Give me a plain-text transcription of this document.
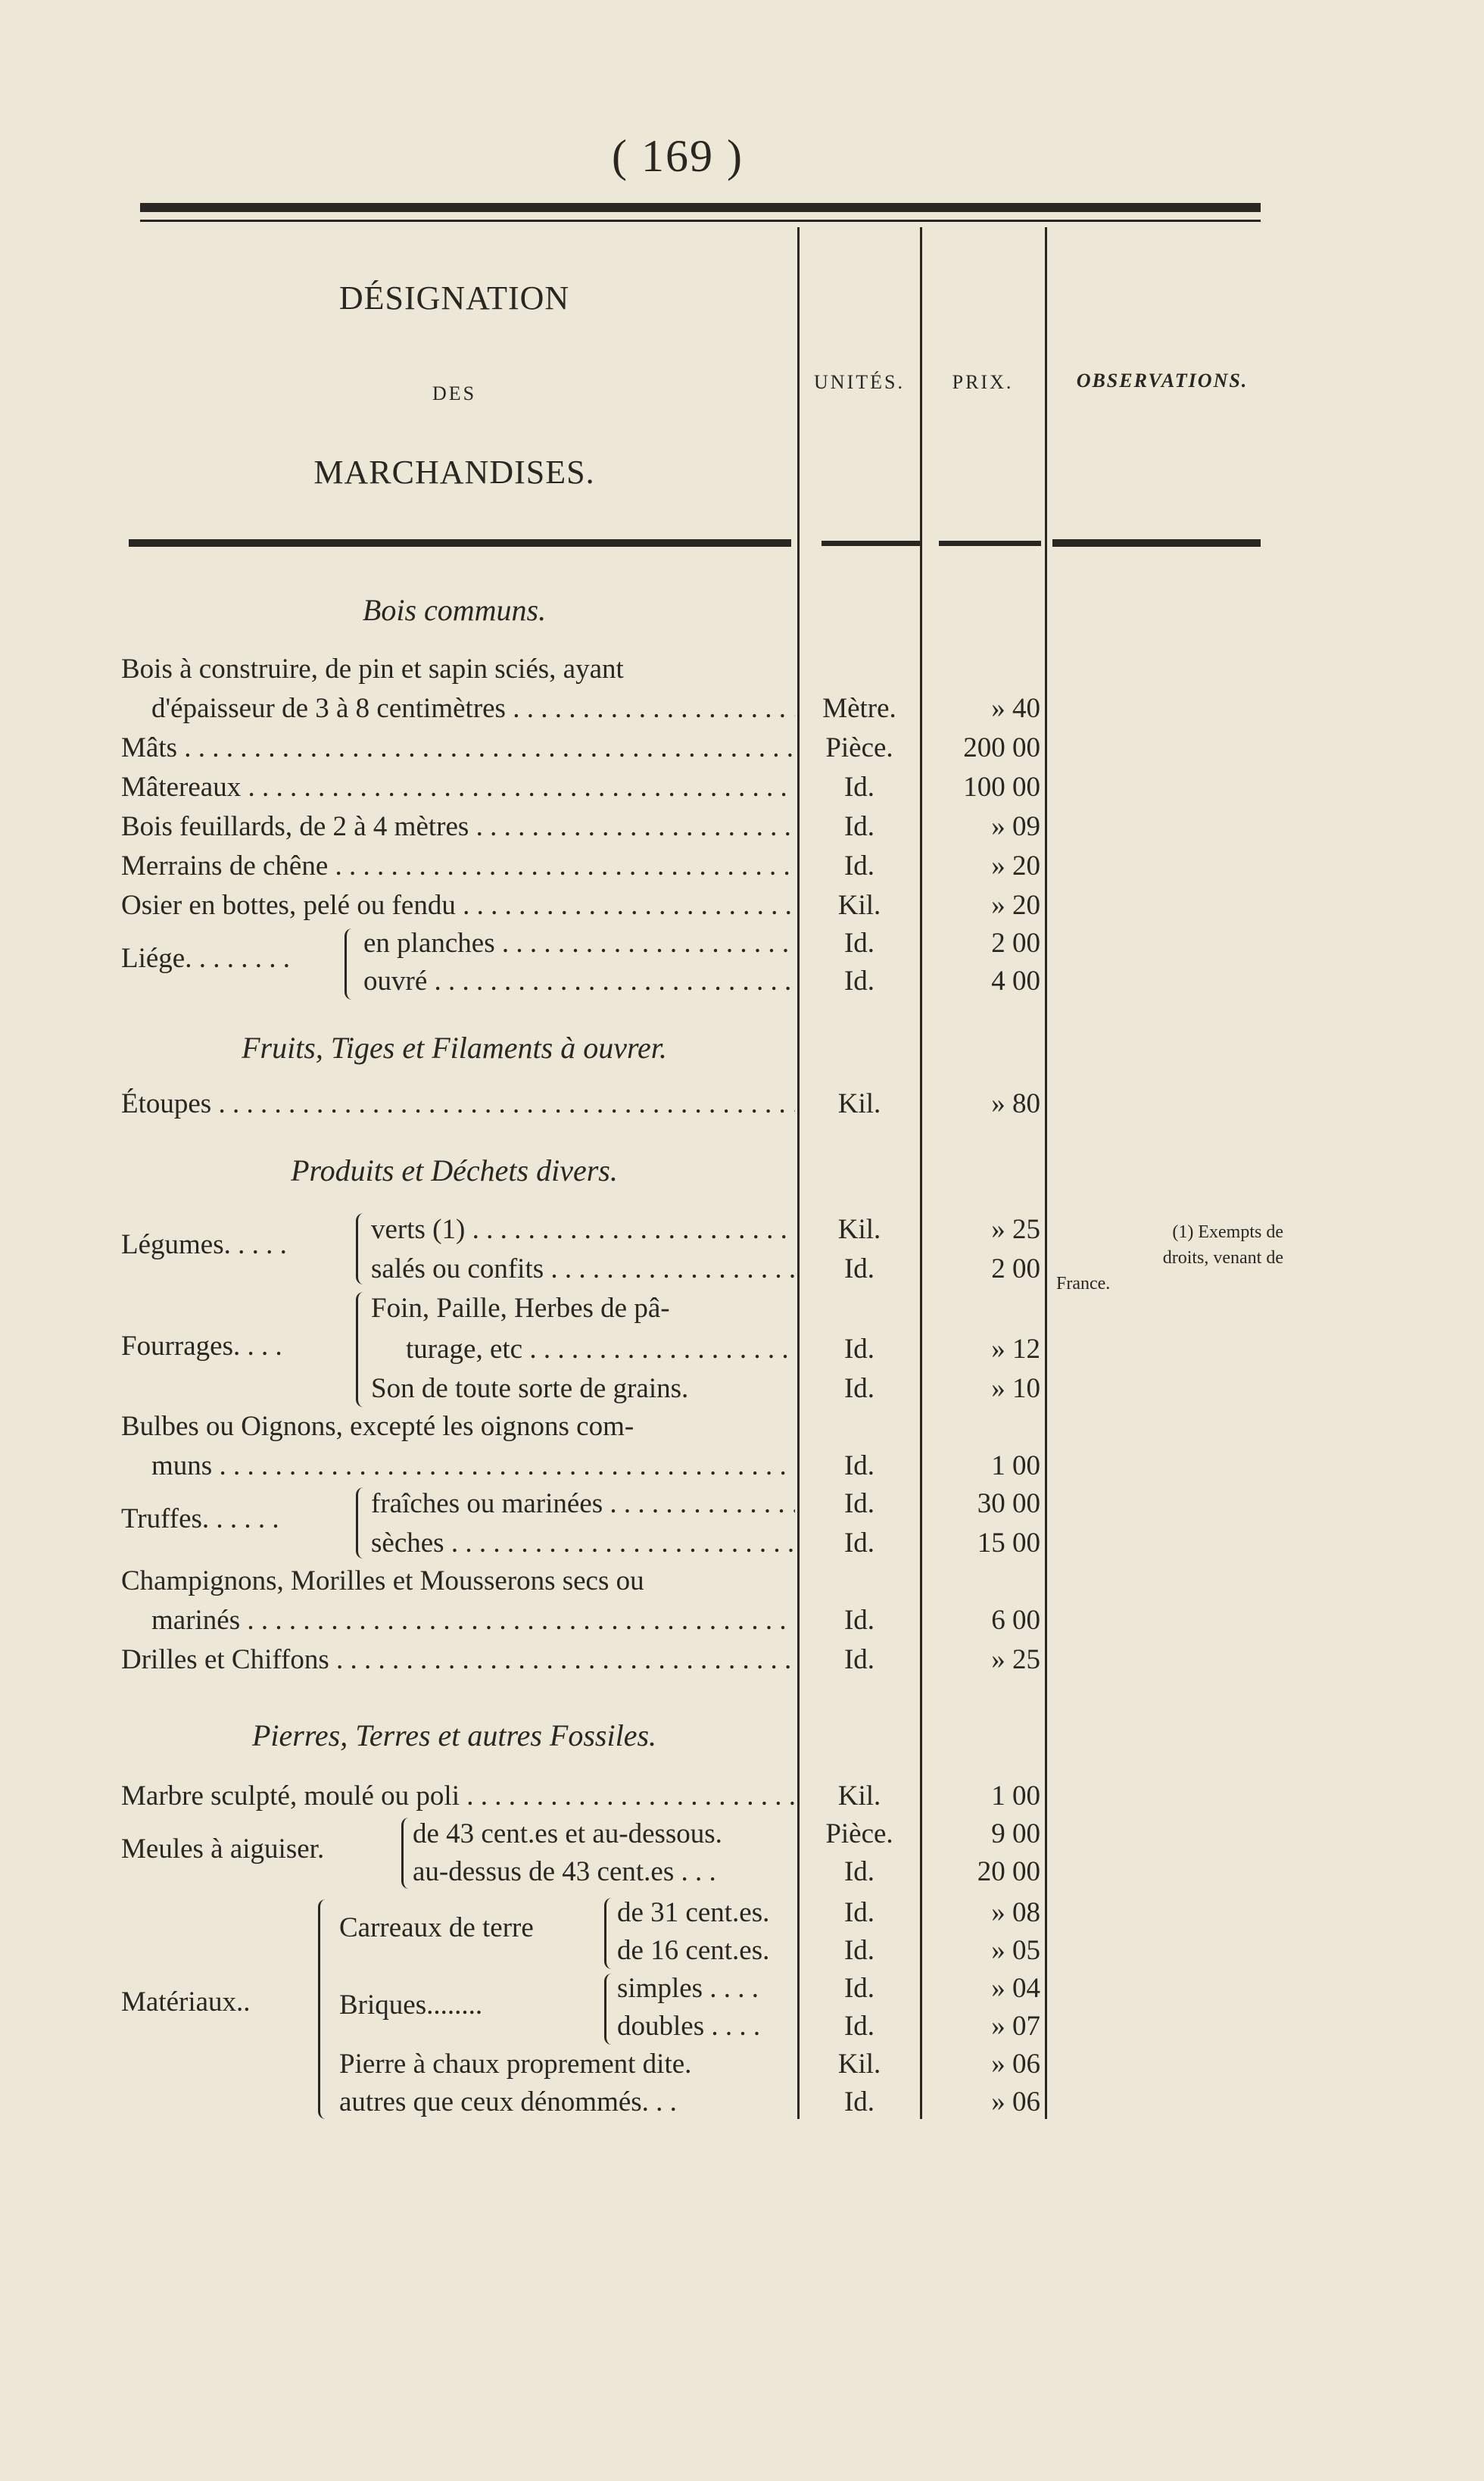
( 169 )
DÉSIGNATION
DES
MARCHANDISES.
UNITÉS.	PRIX.	OBSERVATIONS.
Bois communs.
Bois à construire, de pin et sapin sciés, ayant
d'épaisseur de 3 à 8 centimètres . . .	Mètre.	» 40
Mâts . . .	Pièce.	200 00
Mâtereaux . . .	Id.	100 00
Bois feuillards, de 2 à 4 mètres . . .	Id.	» 09
Merrains de chêne . . .	Id.	» 20
Osier en bottes, pelé ou fendu . . .	Kil.	» 20
Liége. . . . . . . .	en planches . . .	Id.	2 00
ouvré . . .	Id.	4 00
Fruits, Tiges et Filaments à ouvrer.
Étoupes . . .	Kil.	» 80
Produits et Déchets divers.
Légumes. . . . .	verts (1) . . .	Kil.	» 25
salés ou confits . . .	Id.	2 00
Fourrages. . . .
Foin, Paille, Herbes de pâ-
turage, etc . . .	Id.	» 12
Son de toute sorte de grains.	Id.	» 10
Bulbes ou Oignons, excepté les oignons com-
muns . . .	Id.	1 00
Truffes. . . . . .	fraîches ou marinées . . .	Id.	30 00
sèches . . .	Id.	15 00
Champignons, Morilles et Mousserons secs ou
marinés . . .	Id.	6 00
Drilles et Chiffons . . .	Id.	» 25
Pierres, Terres et autres Fossiles.
Marbre sculpté, moulé ou poli . . .	Kil.	1 00
Meules à aiguiser.	de 43 cent.es et au-dessous.	Pièce.	9 00
au-dessus de 43 cent.es . . .	Id.	20 00
Matériaux..
Carreaux de terre	de 31 cent.es.	Id.	» 08
de 16 cent.es.	Id.	» 05
Briques........
simples . . . .	Id.	» 04
doubles . . . .	Id.	» 07
Pierre à chaux proprement dite.	Kil.	» 06
autres que ceux dénommés. . .	Id.	» 06
(1) Exempts de
droits, venant de
France.
